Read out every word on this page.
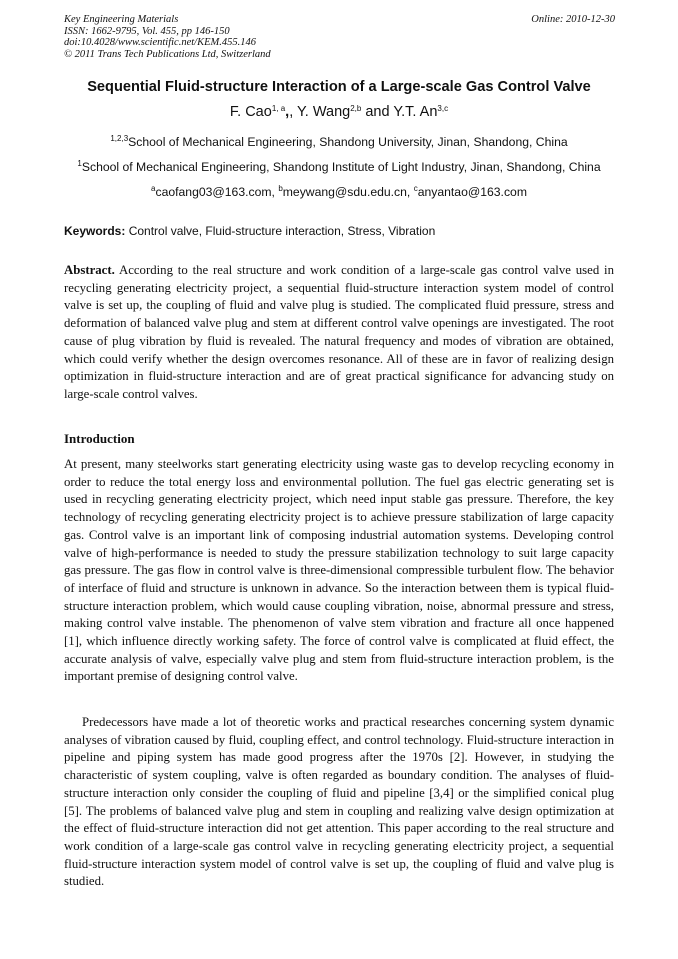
Key Engineering Materials
ISSN: 1662-9795, Vol. 455, pp 146-150
doi:10.4028/www.scientific.net/KEM.455.146
© 2011 Trans Tech Publications Ltd, Switzerland
Online: 2010-12-30
Sequential Fluid-structure Interaction of a Large-scale Gas Control Valve
F. Cao$^{1, a}$,, Y. Wang$^{2,b}$ and Y.T. An$^{3,c}$
$^{1,2,3}$School of Mechanical Engineering, Shandong University, Jinan, Shandong, China
$^1$School of Mechanical Engineering, Shandong Institute of Light Industry, Jinan, Shandong, China
$^a$caofang03@163.com, $^b$meywang@sdu.edu.cn, $^c$anyantao@163.com
Keywords: Control valve, Fluid-structure interaction, Stress, Vibration

Abstract. According to the real structure and work condition of a large-scale gas control valve used in recycling generating electricity project, a sequential fluid-structure interaction system model of control valve is set up, the coupling of fluid and valve plug is studied. The complicated fluid pressure, stress and deformation of balanced valve plug and stem at different control valve openings are investigated. The root cause of plug vibration by fluid is revealed. The natural frequency and modes of vibration are obtained, which could verify whether the design overcomes resonance. All of these are in favor of realizing design optimization in fluid-structure interaction and are of great practical significance for advancing study on large-scale control valves.

Introduction

At present, many steelworks start generating electricity using waste gas to develop recycling economy in order to reduce the total energy loss and environmental pollution. The fuel gas electric generating set is used in recycling generating electricity project, which need input stable gas pressure. Therefore, the key technology of recycling generating electricity project is to achieve pressure stabilization of large capacity gas. Control valve is an important link of composing industrial automation systems. Developing control valve of high-performance is needed to study the pressure stabilization technology to suit large capacity gas pressure. The gas flow in control valve is three-dimensional compressible turbulent flow. The behavior of interface of fluid and structure is unknown in advance. So the interaction between them is typical fluid-structure interaction problem, which would cause coupling vibration, noise, abnormal pressure and stress, making control valve instable. The phenomenon of valve stem vibration and fracture all once happened [1], which influence directly working safety. The force of control valve is complicated at fluid effect, the accurate analysis of valve, especially valve plug and stem from fluid-structure interaction problem, is the important premise of designing control valve.

Predecessors have made a lot of theoretic works and practical researches concerning system dynamic analyses of vibration caused by fluid, coupling effect, and control technology. Fluid-structure interaction in pipeline and piping system has made good progress after the 1970s [2]. However, in studying the characteristic of system coupling, valve is often regarded as boundary condition. The analyses of fluid-structure interaction only consider the coupling of fluid and pipeline [3,4] or the simplified conical plug [5]. The problems of balanced valve plug and stem in coupling and realizing valve design optimization at the effect of fluid-structure interaction did not get attention. This paper according to the real structure and work condition of a large-scale gas control valve in recycling generating electricity project, a sequential fluid-structure interaction system model of control valve is set up, the coupling of fluid and valve plug is studied.
